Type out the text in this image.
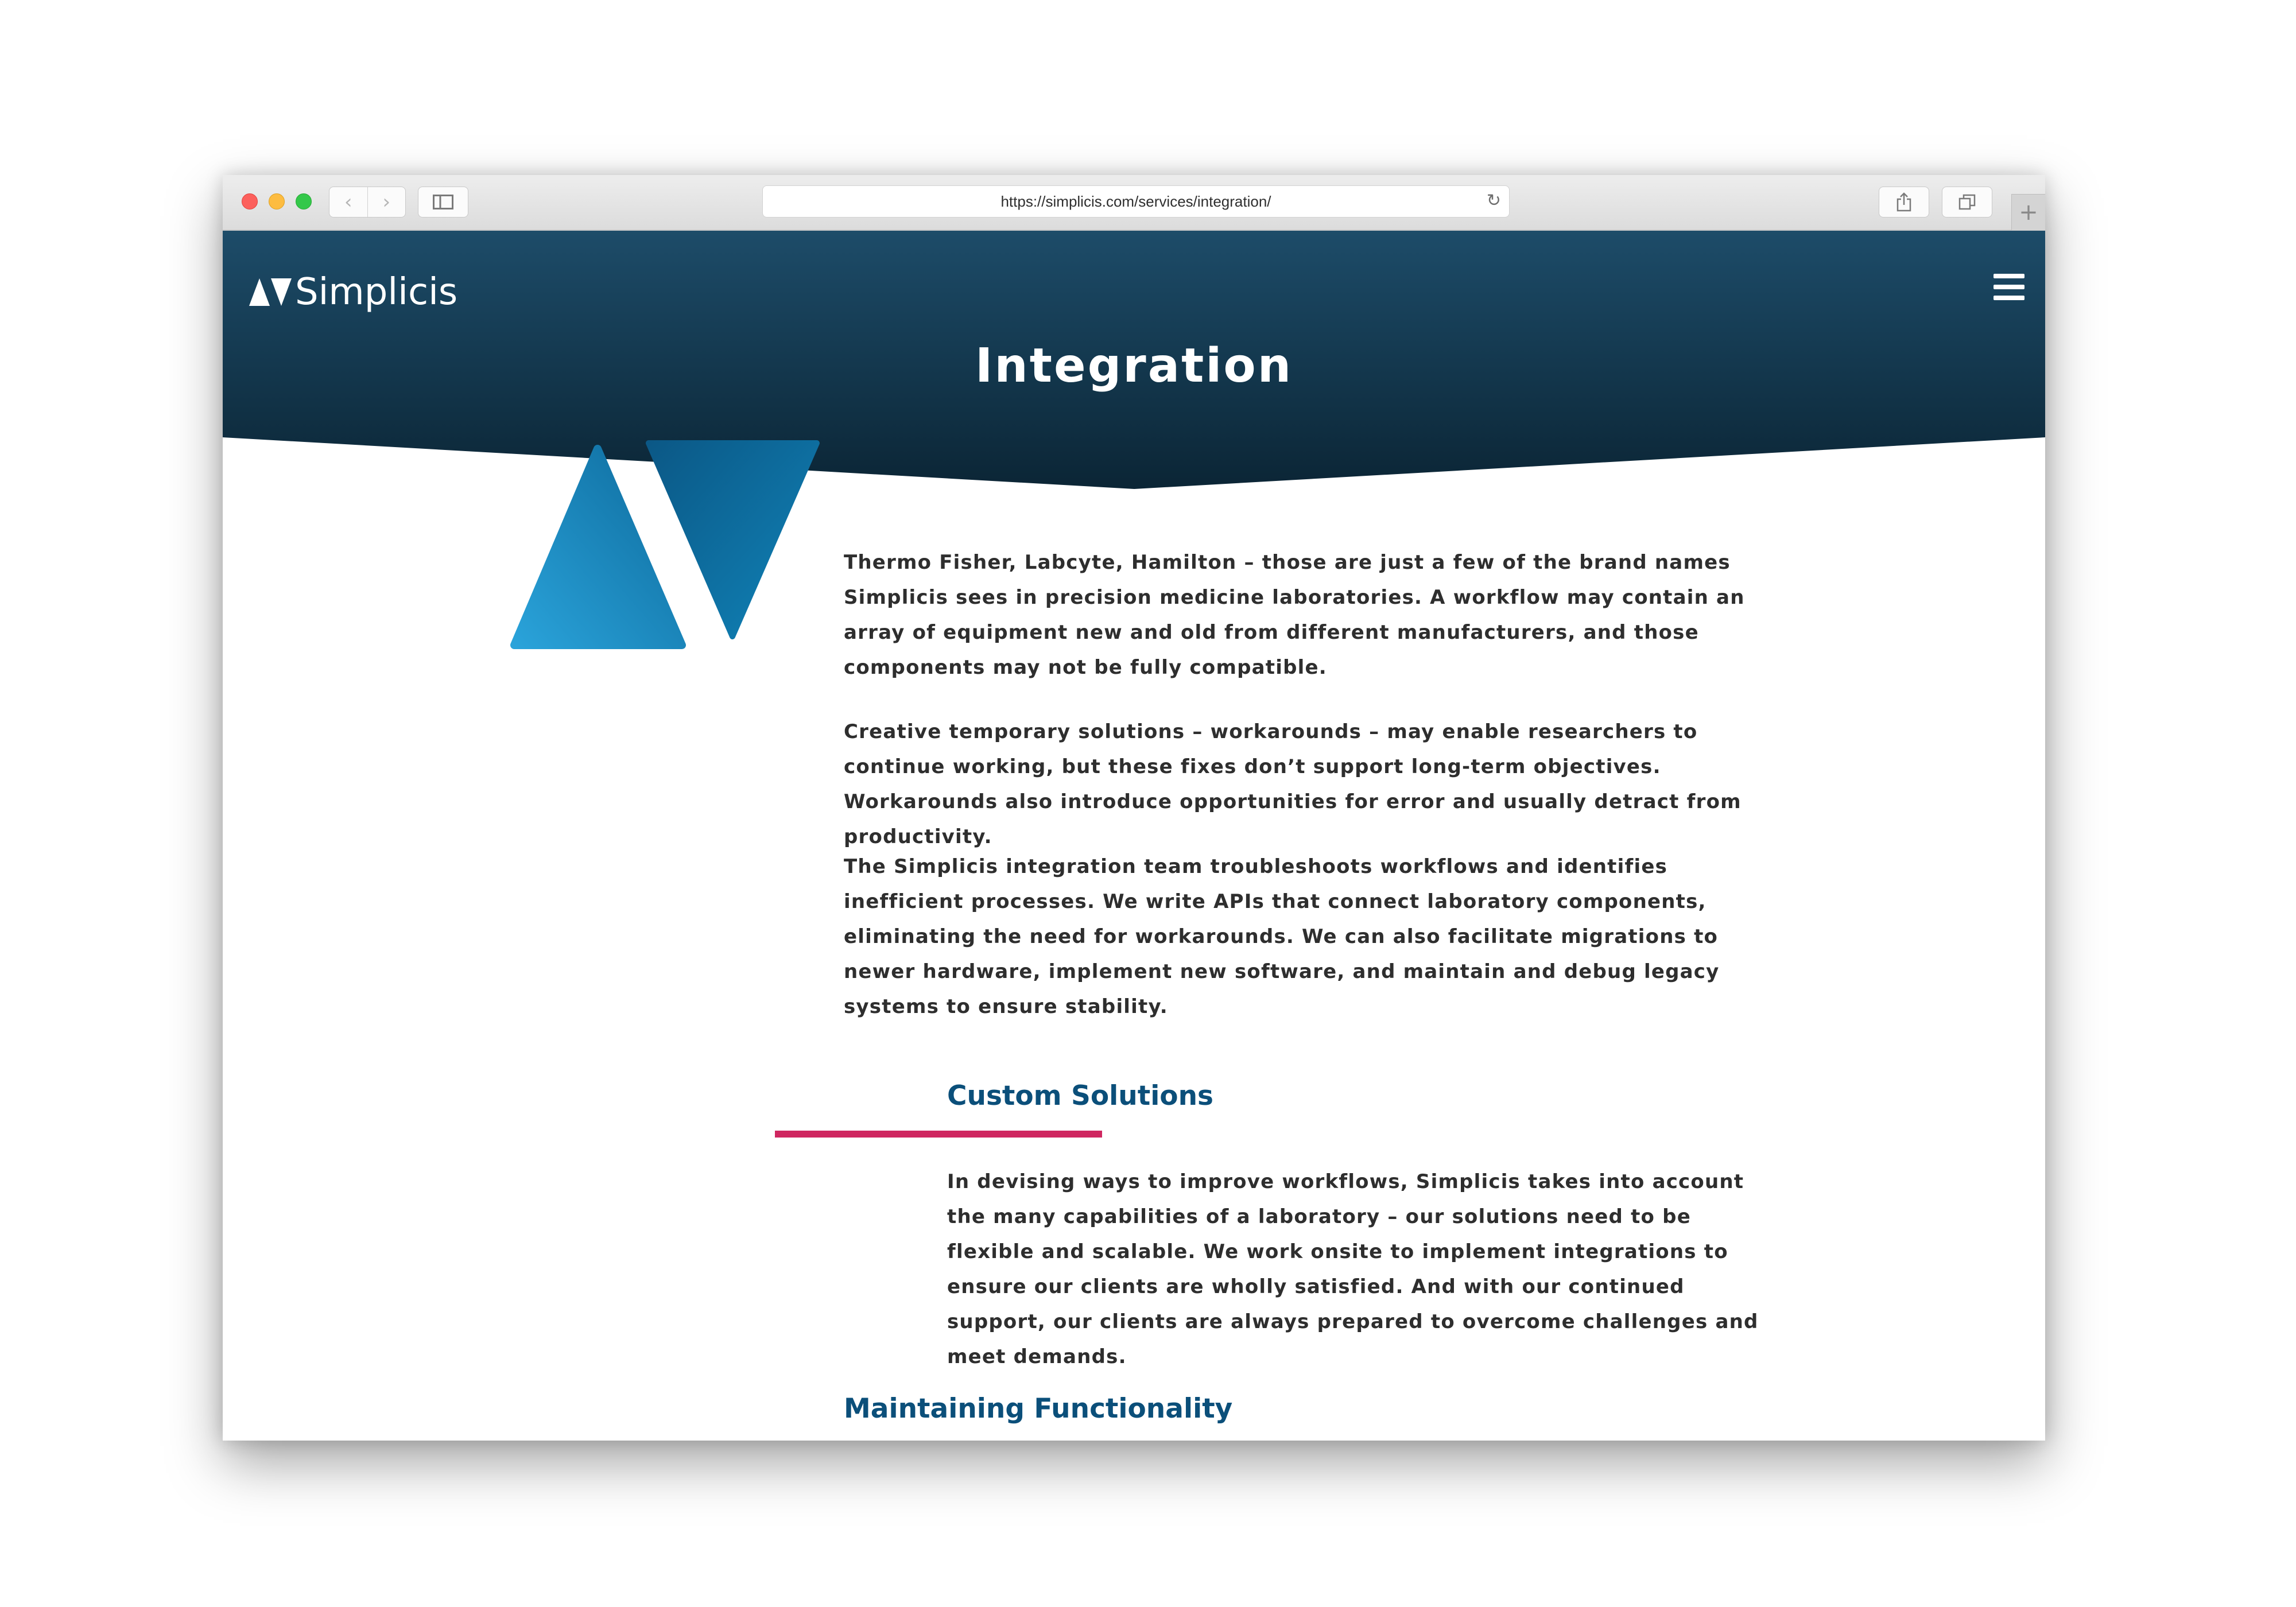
‹	›	https://simplicis.com/services/integration/	↻	+
Simplicis
Integration
Thermo Fisher, Labcyte, Hamilton – those are just a few of the brand names Simplicis sees in precision medicine laboratories. A workflow may contain an array of equipment new and old from different manufacturers, and those components may not be fully compatible.
Creative temporary solutions – workarounds – may enable researchers to continue working, but these fixes don’t support long-term objectives. Workarounds also introduce opportunities for error and usually detract from productivity.
The Simplicis integration team troubleshoots workflows and identifies inefficient processes. We write APIs that connect laboratory components, eliminating the need for workarounds. We can also facilitate migrations to newer hardware, implement new software, and maintain and debug legacy systems to ensure stability.
Custom Solutions
In devising ways to improve workflows, Simplicis takes into account the many capabilities of a laboratory – our solutions need to be flexible and scalable. We work onsite to implement integrations to ensure our clients are wholly satisfied. And with our continued support, our clients are always prepared to overcome challenges and meet demands.
Maintaining Functionality
